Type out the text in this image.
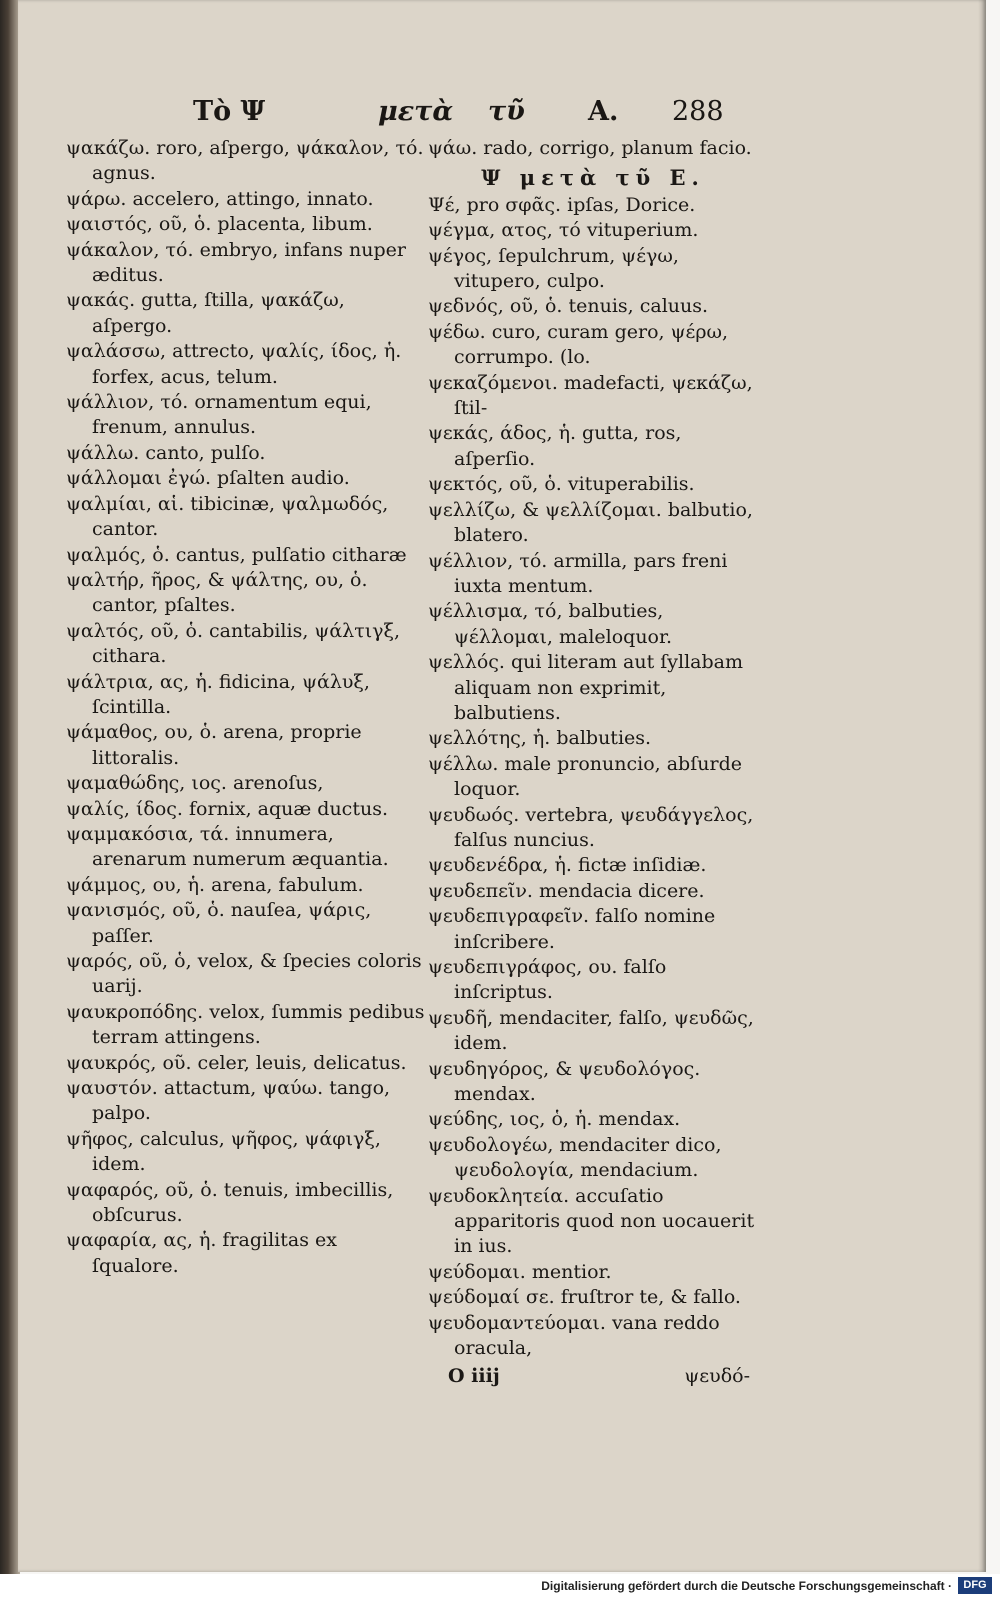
Τὸ Ψ	μετὰ τῦ A. 288

ψακάζω. roro, aſpergo, ψάκαλον, τό. agnus.

ψάρω. accelero, attingo, innato.

ψαιστός, οῦ, ὁ. placenta, libum.

ψάκαλον, τό. embryo, infans nuper æditus.

ψακάς. gutta, ſtilla, ψακάζω, aſpergo.

ψαλάσσω, attrecto, ψαλίς, ίδος, ἡ. forfex, acus, telum.

ψάλλιον, τό. ornamentum equi, frenum, annulus.

ψάλλω. canto, pulſo.

ψάλλομαι ἐγώ. pſalten audio.

ψαλμίαι, αἱ. tibicinæ, ψαλμωδός, cantor.

ψαλμός, ὁ. cantus, pulſatio citharæ

ψαλτήρ, ῆρος, & ψάλτης, ου, ὁ. cantor, pſaltes.

ψαλτός, οῦ, ὁ. cantabilis, ψάλτιγξ, cithara.

ψάλτρια, ας, ἡ. fidicina, ψάλυξ, ſcintilla.

ψάμαθος, ου, ὁ. arena, proprie littoralis.

ψαμαθώδης, ιος. arenoſus,

ψαλίς, ίδος. fornix, aquæ ductus.

ψαμμακόσια, τά. innumera, arenarum numerum æquantia.

ψάμμος, ου, ἡ. arena, fabulum.

ψανισμός, οῦ, ὁ. nauſea, ψάρις, paſſer.

ψαρός, οῦ, ὁ, velox, & ſpecies coloris uarij.

ψαυκροπόδης. velox, ſummis pedibus terram attingens.

ψαυκρός, οῦ. celer, leuis, delicatus.

ψαυστόν. attactum, ψαύω. tango, palpo.

ψῆφος, calculus, ψῆφος, ψάφιγξ, idem.

ψαφαρός, οῦ, ὁ. tenuis, imbecillis, obſcurus.

ψαφαρία, ας, ἡ. fragilitas ex ſqualore.

ψάω. rado, corrigo, planum facio.

Ψ μετὰ τῦ E.

Ψέ, pro σφᾶς. ipſas, Dorice.

ψέγμα, ατος, τό vituperium.

ψέγος, ſepulchrum, ψέγω, vitupero, culpo.

ψεδνός, οῦ, ὁ. tenuis, caluus.

ψέδω. curo, curam gero, ψέρω, corrumpo. (lo.

ψεκαζόμενοι. madefacti, ψεκάζω, ſtil-

ψεκάς, άδος, ἡ. gutta, ros, aſperſio.

ψεκτός, οῦ, ὁ. vituperabilis.

ψελλίζω, & ψελλίζομαι. balbutio, blatero.

ψέλλιον, τό. armilla, pars freni iuxta mentum.

ψέλλισμα, τό, balbuties, ψέλλομαι, maleloquor.

ψελλός. qui literam aut ſyllabam aliquam non exprimit, balbutiens.

ψελλότης, ἡ. balbuties.

ψέλλω. male pronuncio, abſurde loquor.

ψευδωός. vertebra, ψευδάγγελος, falſus nuncius.

ψευδενέδρα, ἡ. fictæ inſidiæ.

ψευδεπεῖν. mendacia dicere.

ψευδεπιγραφεῖν. falſo nomine inſcribere.

ψευδεπιγράφος, ου. falſo inſcriptus.

ψευδῆ, mendaciter, falſo, ψευδῶς, idem.

ψευδηγόρος, & ψευδολόγος. mendax.

ψεύδης, ιος, ὁ, ἡ. mendax.

ψευδολογέω, mendaciter dico, ψευδολογία, mendacium.

ψευδοκλητεία. accuſatio apparitoris quod non uocauerit in ius.

ψεύδομαι. mentior.

ψεύδομαί σε. fruſtror te, & fallo.

ψευδομαντεύομαι. vana reddo oracula,

O iiij	ψευδό-
Digitalisierung gefördert durch die Deutsche Forschungsgemeinschaft ·	DFG
